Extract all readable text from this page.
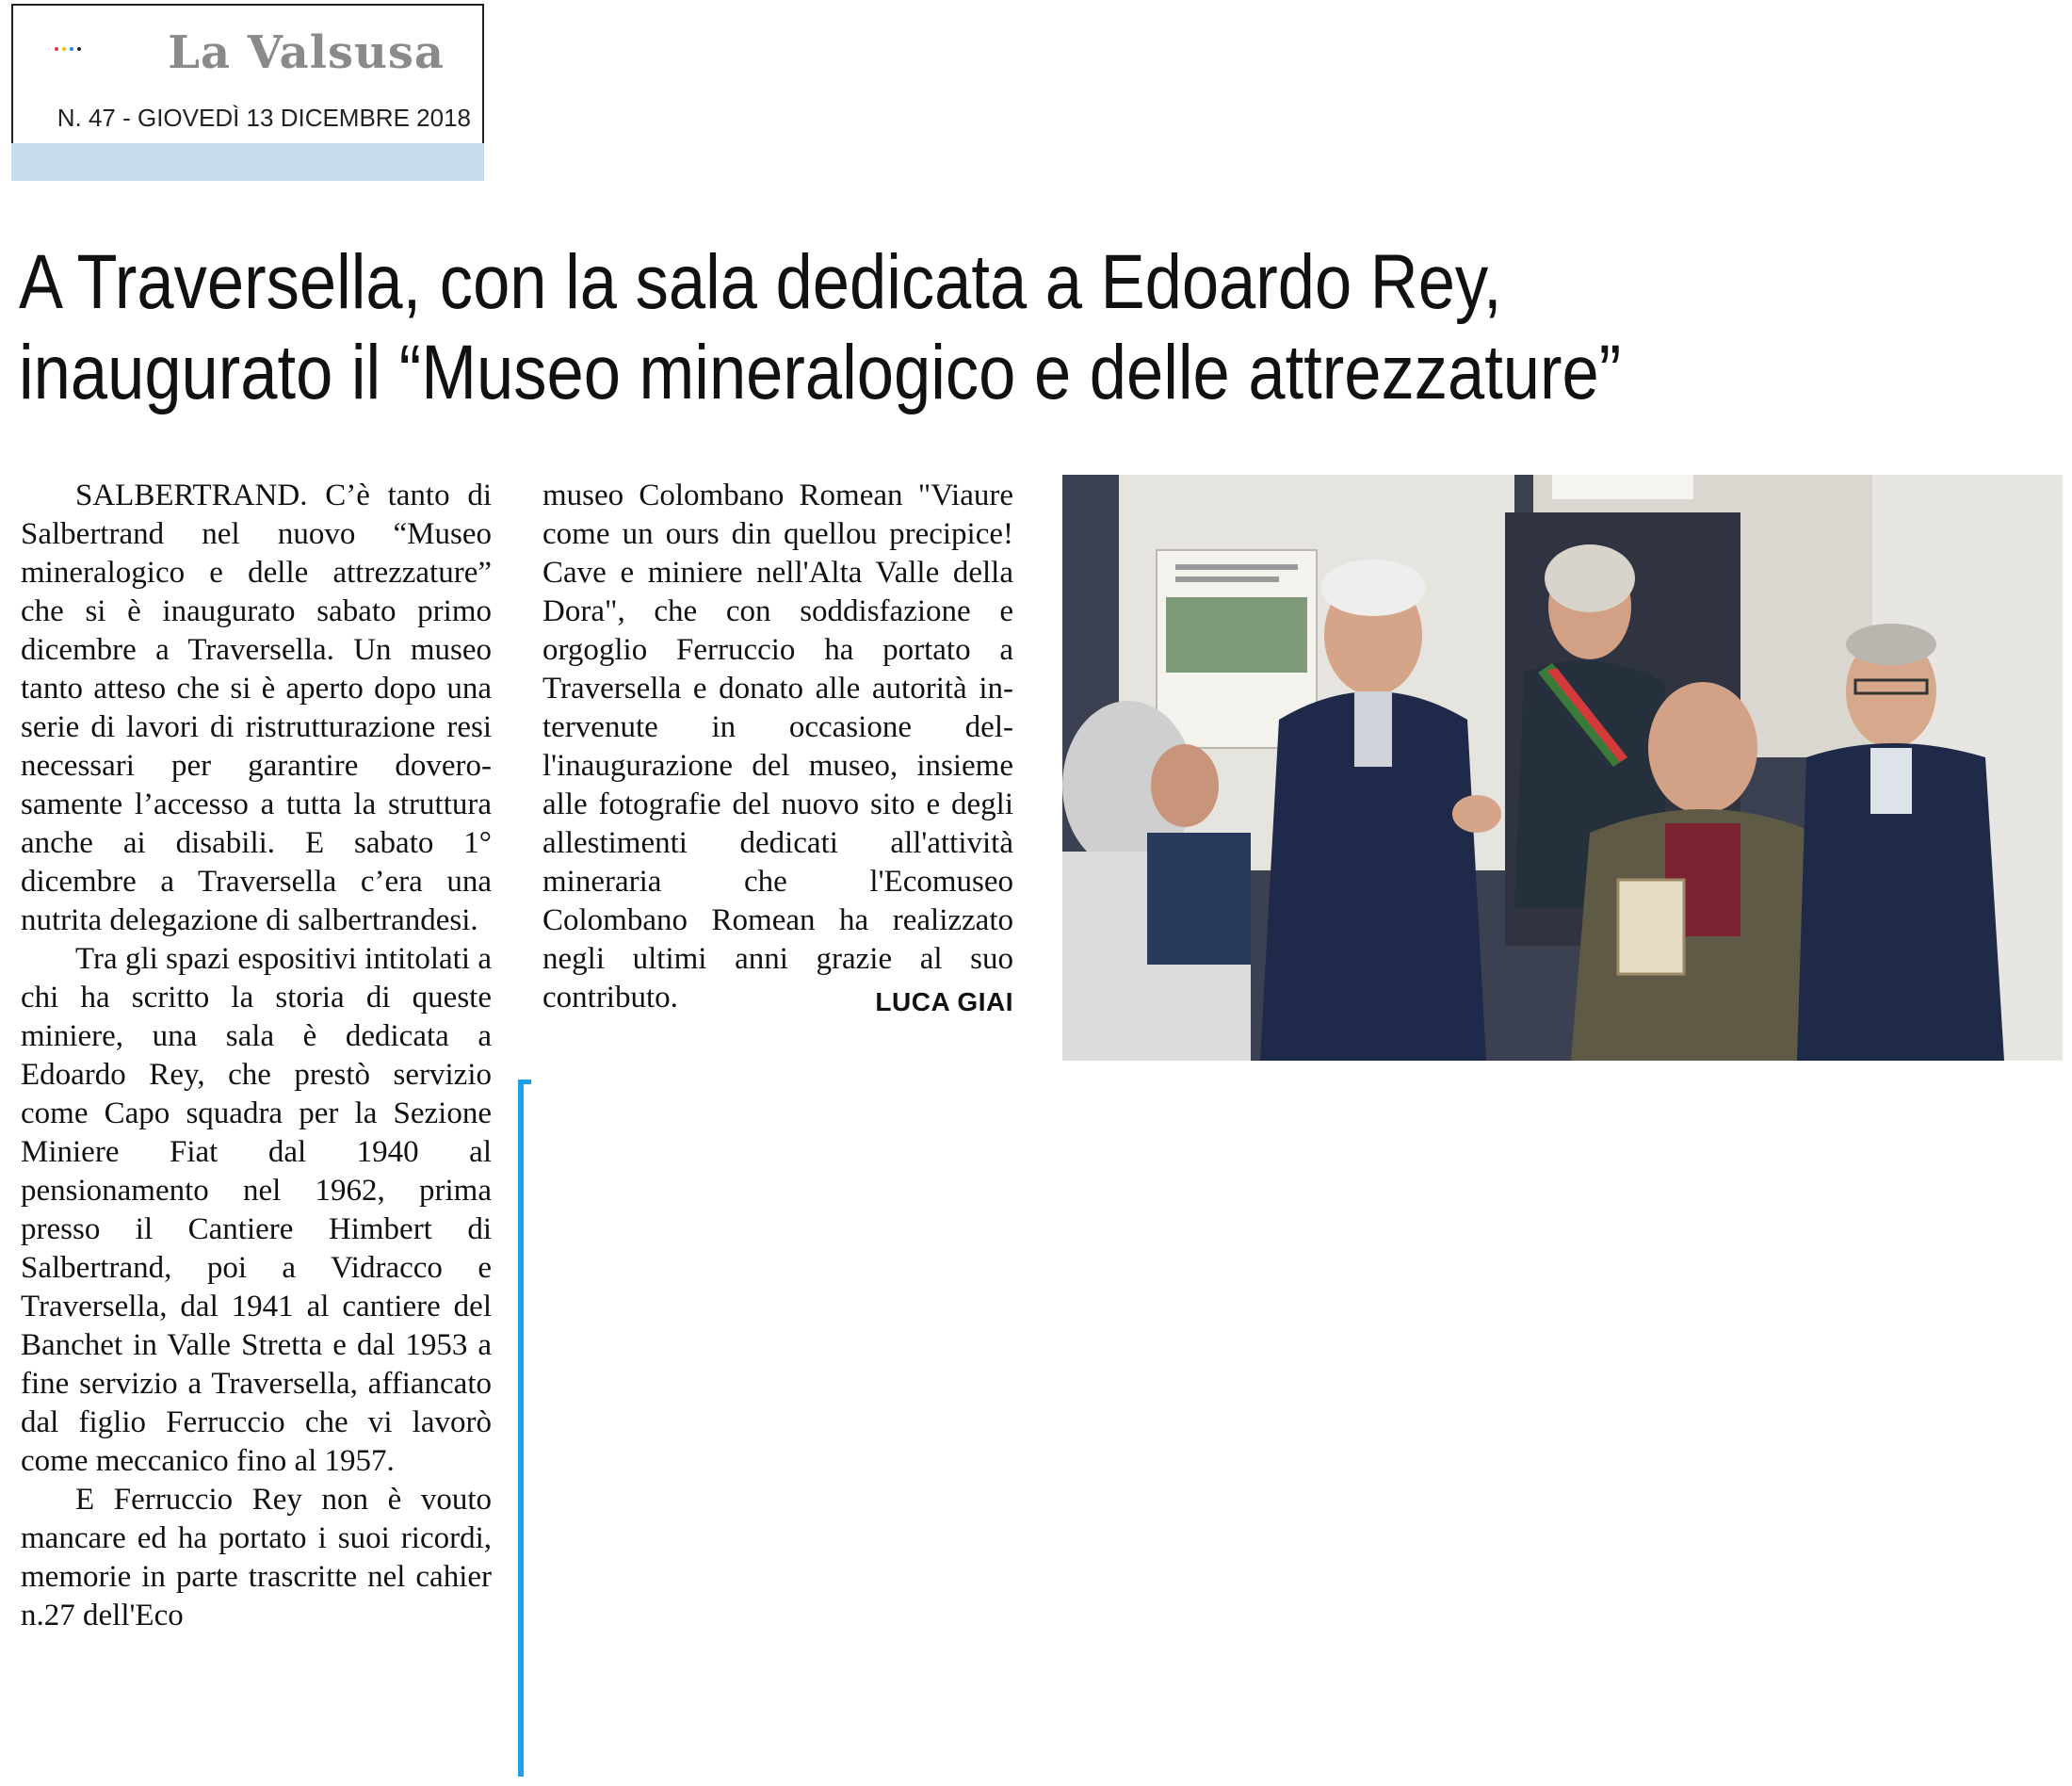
La Valsusa
N. 47 - GIOVEDÌ 13 DICEMBRE 2018
A Traversella, con la sala dedicata a Edoardo Rey,
inaugurato il “Museo mineralogico e delle attrezzature”

SALBERTRAND. C’è tanto di Salbertrand nel nuovo “Museo mineralogico e delle attrezzature” che si è inaugurato sabato primo dicembre a Traversella. Un museo tanto atteso che si è aperto dopo una serie di lavori di ristrutturazione resi necessari per garantire doverosamente l’accesso a tutta la struttura anche ai disabili. E sabato 1° dicembre a Traversella c’era una nutrita delegazione di salbertrandesi.

Tra gli spazi espositivi intitolati a chi ha scritto la storia di queste miniere, una sala è dedicata a Edoardo Rey, che prestò servizio come Capo squadra per la Sezione Miniere Fiat dal 1940 al pensionamento nel 1962, prima presso il Cantiere Himbert di Salbertrand, poi a Vidracco e Traversella, dal 1941 al cantiere del Banchet in Valle Stretta e dal 1953 a fine servizio a Traversella, affiancato dal figlio Ferruccio che vi lavorò come meccanico fino al 1957.

E Ferruccio Rey non è vouto mancare ed ha portato i suoi ricordi, memorie in parte trascritte nel cahier n.27 dell'Eco

museo Colombano Romean "Viaure come un ours din quellou precipice! Cave e miniere nell'Alta Valle della Dora", che con soddisfazione e orgoglio Ferruccio ha portato a Traversella e donato alle autorità intervenute in occasione dell'inaugurazione del museo, insieme alle fotografie del nuovo sito e degli allestimenti dedicati all'attività mineraria che l'Ecomuseo Colombano Romean ha realizzato negli ultimi anni grazie al suo contributo.	LUCA GIAI
